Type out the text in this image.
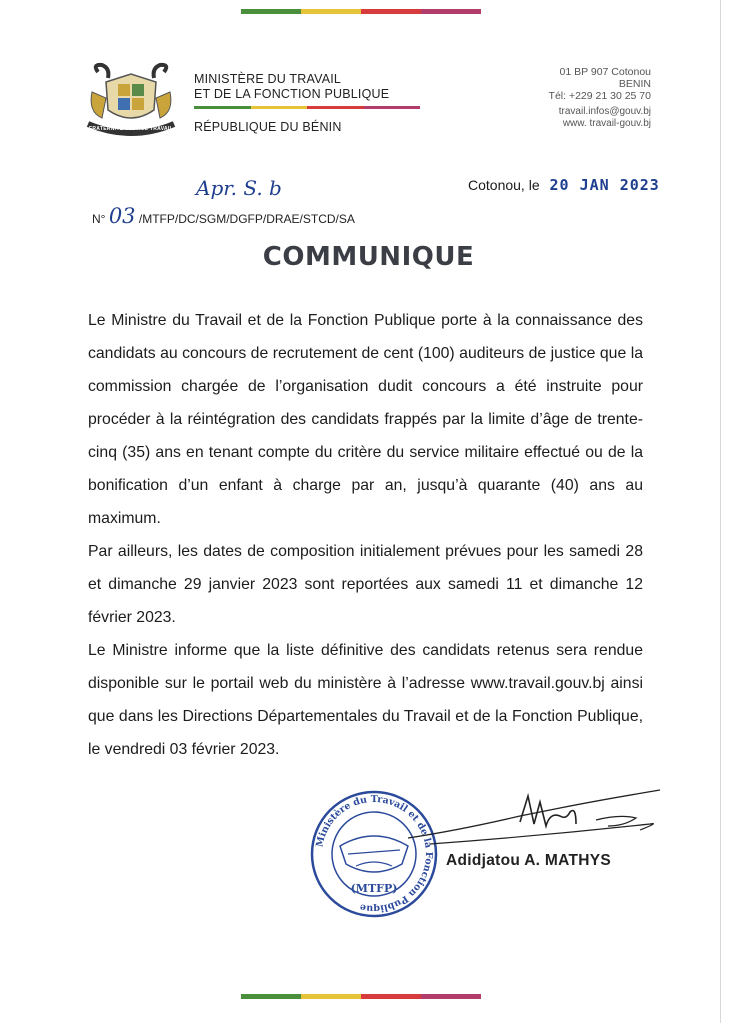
FRATERNITÉ JUSTICE TRAVAIL
MINISTÈRE DU TRAVAIL
ET DE LA FONCTION PUBLIQUE
RÉPUBLIQUE DU BÉNIN
01 BP 907 Cotonou
BENIN
Tél: +229 21 30 25 70
travail.infos@gouv.bj
www. travail-gouv.bj
Cotonou, le 20 JAN 2023
Apr. S. b
N° 03 /MTFP/DC/SGM/DGFP/DRAE/STCD/SA
COMMUNIQUE

Le Ministre du Travail et de la Fonction Publique porte à la connaissance des candidats au concours de recrutement de cent (100) auditeurs de justice que la commission chargée de l’organisation dudit concours a été instruite pour procéder à la réintégration des candidats frappés par la limite d’âge de trente-cinq (35) ans en tenant compte du critère du service militaire effectué ou de la bonification d’un enfant à charge par an, jusqu’à quarante (40) ans au maximum.

Par ailleurs, les dates de composition initialement prévues pour les samedi 28 et dimanche 29 janvier 2023 sont reportées aux samedi 11 et dimanche 12 février 2023.

Le Ministre informe que la liste définitive des candidats retenus sera rendue disponible sur le portail web du ministère à l’adresse www.travail.gouv.bj ainsi que dans les Directions Départementales du Travail et de la Fonction Publique, le vendredi 03 février 2023.

Ministère du Travail et de la Fonction Publique
(MTFP)
Adidjatou A. MATHYS
